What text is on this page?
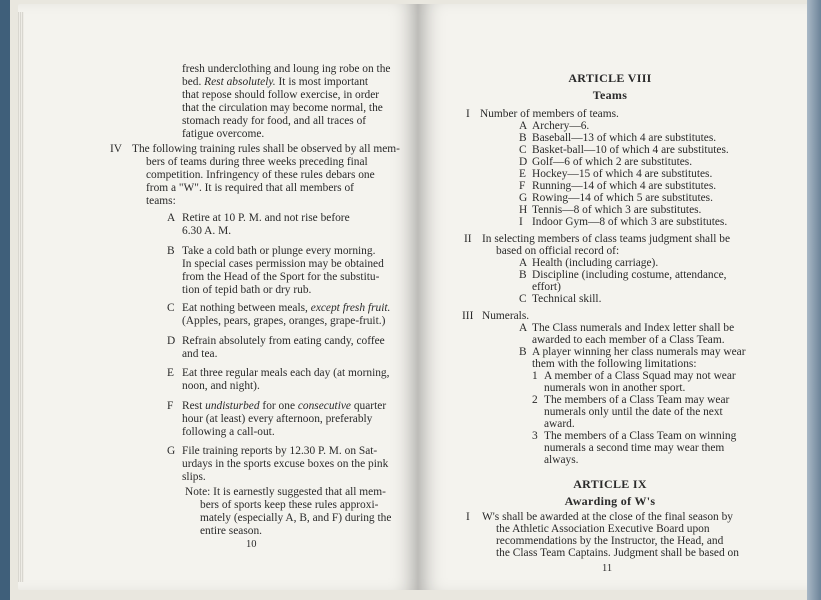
fresh underclothing and loung ing robe on the
bed. Rest absolutely. It is most important
that repose should follow exercise, in order
that the circulation may become normal, the
stomach ready for food, and all traces of
fatigue overcome.
IV The following training rules shall be observed by all mem-
bers of teams during three weeks preceding final
competition. Infringency of these rules debars one
from a "W". It is required that all members of
teams:
A Retire at 10 P. M. and not rise before
6.30 A. M.
B Take a cold bath or plunge every morning.
In special cases permission may be obtained
from the Head of the Sport for the substitu-
tion of tepid bath or dry rub.
C Eat nothing between meals, except fresh fruit.
(Apples, pears, grapes, oranges, grape-fruit.)
D Refrain absolutely from eating candy, coffee
and tea.
E Eat three regular meals each day (at morning,
noon, and night).
F Rest undisturbed for one consecutive quarter
hour (at least) every afternoon, preferably
following a call-out.
G File training reports by 12.30 P. M. on Sat-
urdays in the sports excuse boxes on the pink
slips.
Note: It is earnestly suggested that all mem-
bers of sports keep these rules approxi-
mately (especially A, B, and F) during the
entire season.
10
ARTICLE VIII
Teams
I Number of members of teams.
A Archery—6.
B Baseball—13 of which 4 are substitutes.
C Basket-ball—10 of which 4 are substitutes.
D Golf—6 of which 2 are substitutes.
E Hockey—15 of which 4 are substitutes.
F Running—14 of which 4 are substitutes.
G Rowing—14 of which 5 are substitutes.
H Tennis—8 of which 3 are substitutes.
I Indoor Gym—8 of which 3 are substitutes.
II In selecting members of class teams judgment shall be
based on official record of:
A Health (including carriage).
B Discipline (including costume, attendance,
effort)
C Technical skill.
III Numerals.
A The Class numerals and Index letter shall be
awarded to each member of a Class Team.
B A player winning her class numerals may wear
them with the following limitations:
1 A member of a Class Squad may not wear
numerals won in another sport.
2 The members of a Class Team may wear
numerals only until the date of the next
award.
3 The members of a Class Team on winning
numerals a second time may wear them
always.
ARTICLE IX
Awarding of W's
I W's shall be awarded at the close of the final season by
the Athletic Association Executive Board upon
recommendations by the Instructor, the Head, and
the Class Team Captains. Judgment shall be based on
11
